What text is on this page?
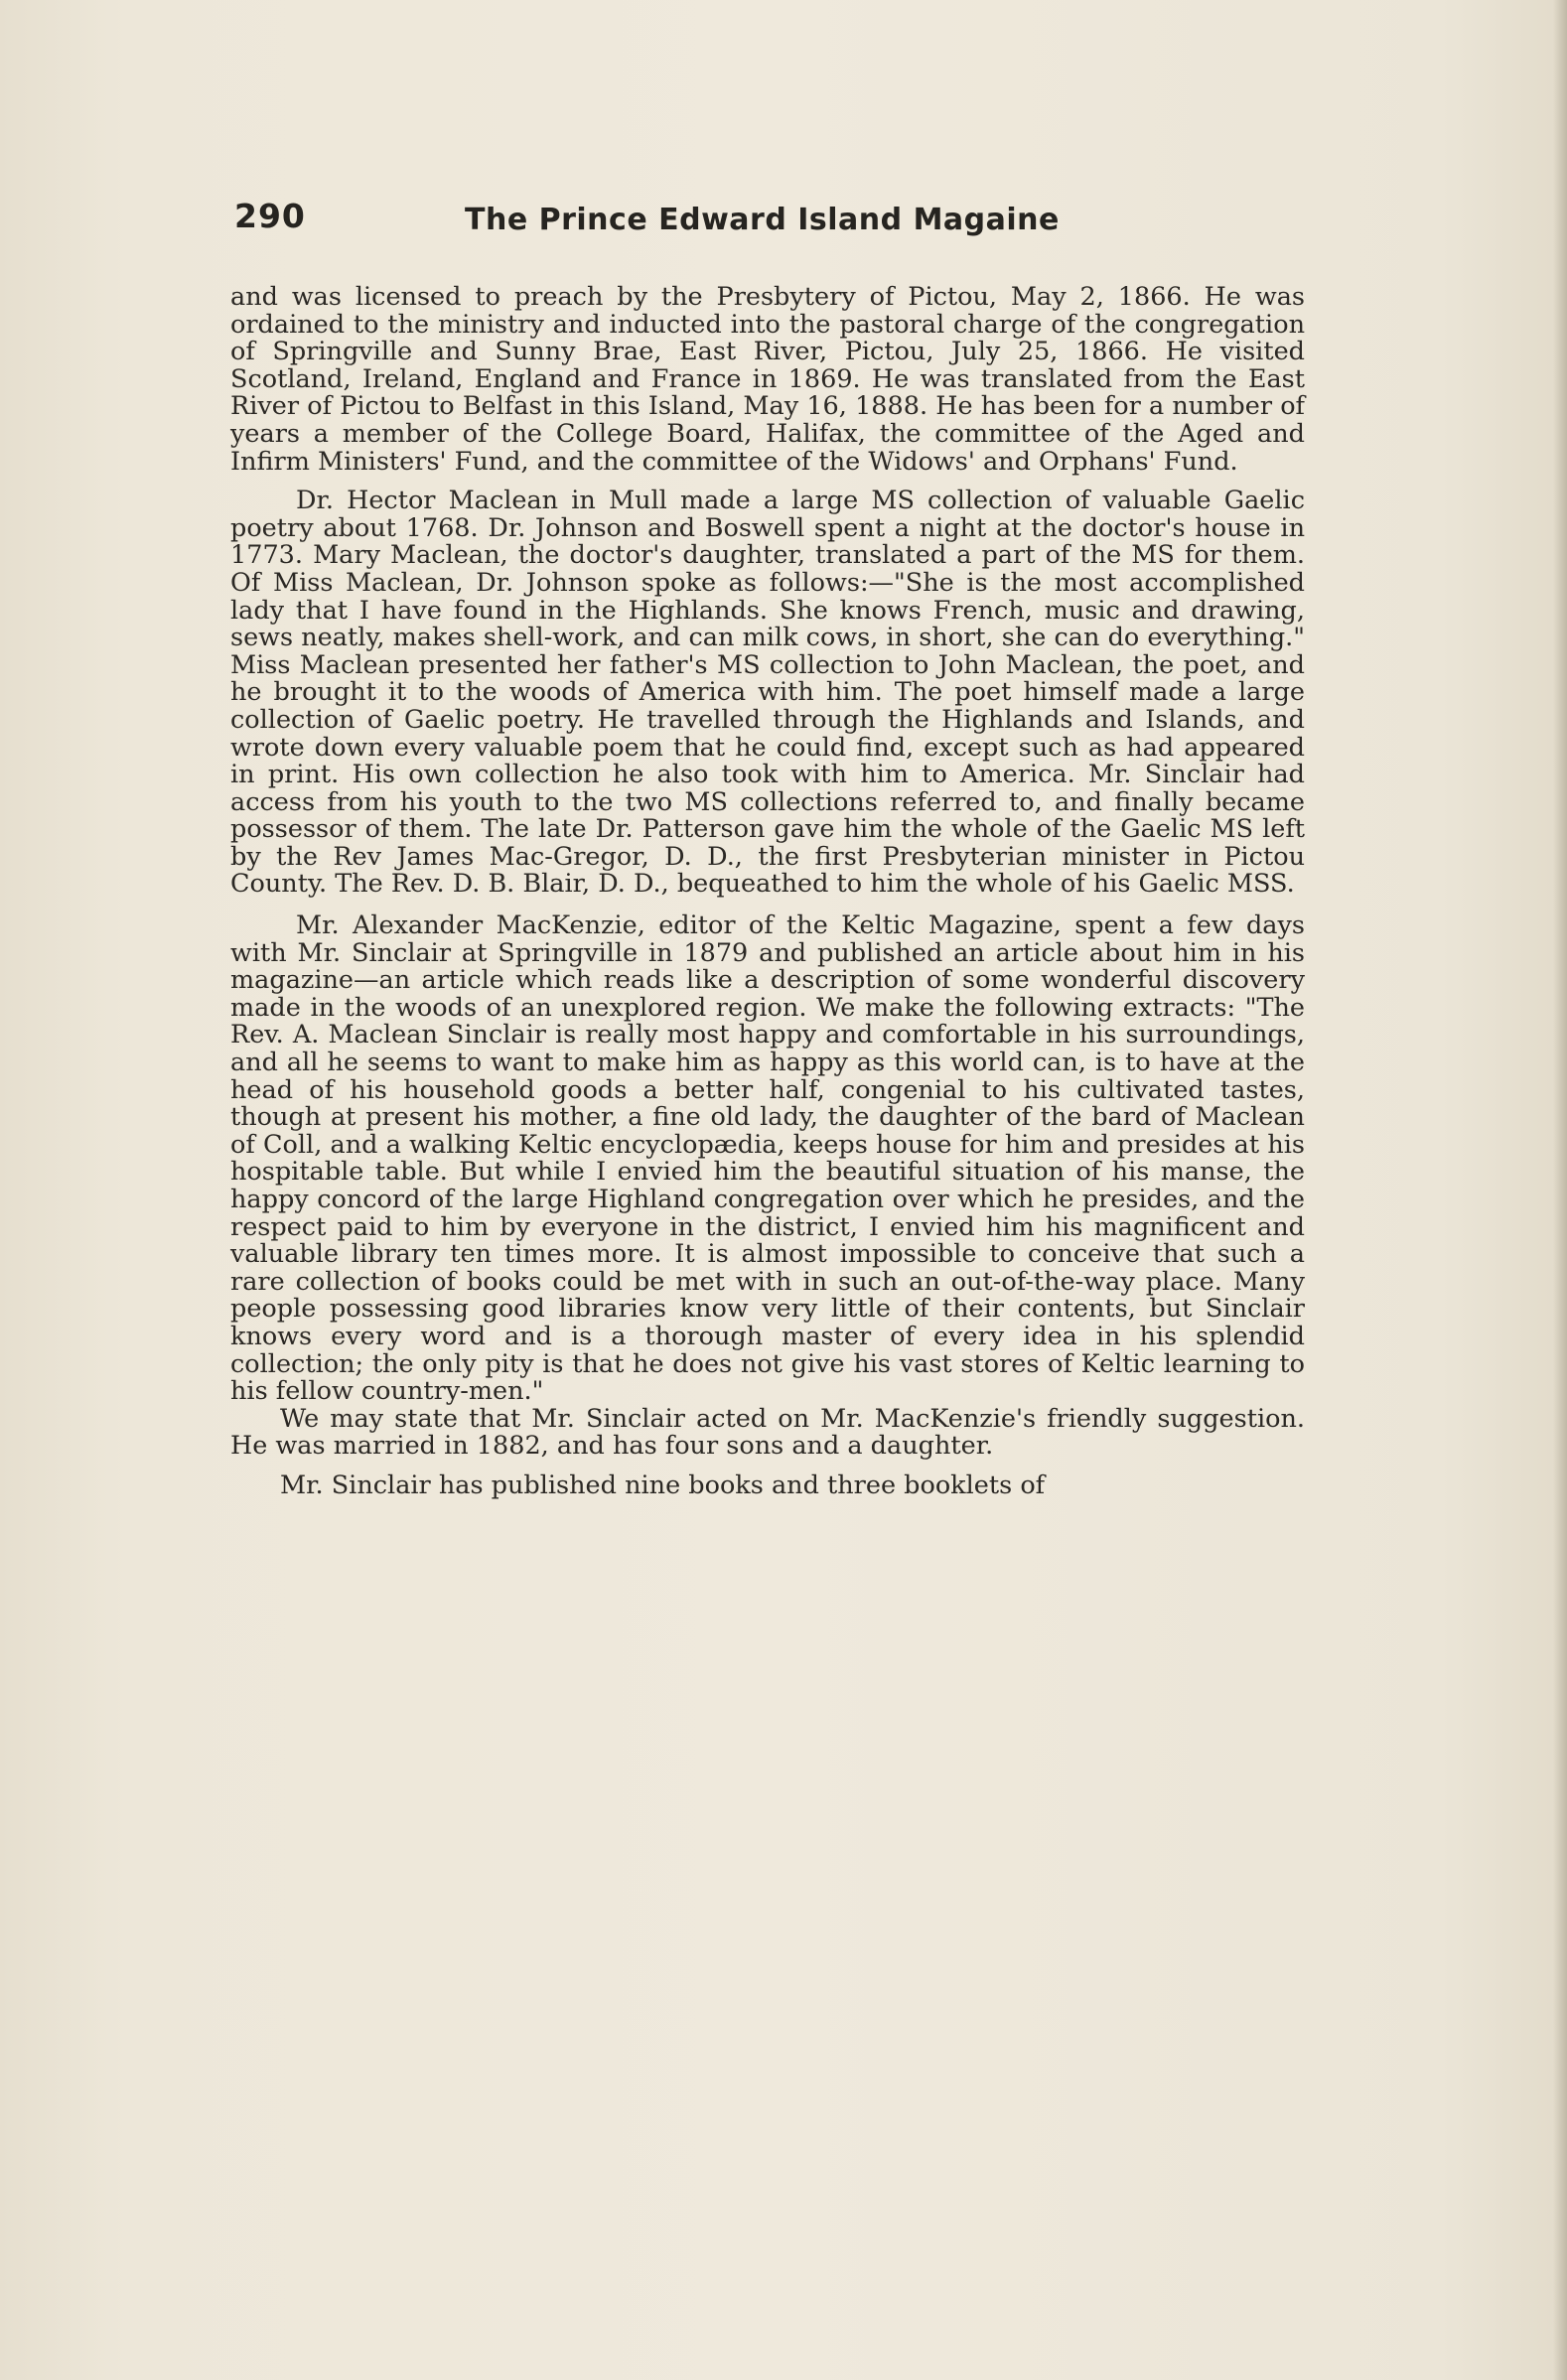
290	The Prince Edward Island Magaine

and was licensed to preach by the Presbytery of Pictou, May 2, 1866. He was ordained to the ministry and inducted into the pastoral charge of the congregation of Springville and Sunny Brae, East River, Pictou, July 25, 1866. He visited Scotland, Ireland, England and France in 1869. He was translated from the East River of Pictou to Belfast in this Island, May 16, 1888. He has been for a number of years a member of the College Board, Halifax, the committee of the Aged and Infirm Ministers' Fund, and the committee of the Widows' and Orphans' Fund.

Dr. Hector Maclean in Mull made a large MS collection of valuable Gaelic poetry about 1768. Dr. Johnson and Boswell spent a night at the doctor's house in 1773. Mary Maclean, the doctor's daughter, translated a part of the MS for them. Of Miss Maclean, Dr. Johnson spoke as follows:—"She is the most accomplished lady that I have found in the Highlands. She knows French, music and drawing, sews neatly, makes shell-work, and can milk cows, in short, she can do everything." Miss Maclean presented her father's MS collection to John Maclean, the poet, and he brought it to the woods of America with him. The poet himself made a large collection of Gaelic poetry. He travelled through the Highlands and Islands, and wrote down every valuable poem that he could find, except such as had appeared in print. His own collection he also took with him to America. Mr. Sinclair had access from his youth to the two MS collections referred to, and finally became possessor of them. The late Dr. Patterson gave him the whole of the Gaelic MS left by the Rev James Mac-Gregor, D. D., the first Presbyterian minister in Pictou County. The Rev. D. B. Blair, D. D., bequeathed to him the whole of his Gaelic MSS.

Mr. Alexander MacKenzie, editor of the Keltic Magazine, spent a few days with Mr. Sinclair at Springville in 1879 and published an article about him in his magazine—an article which reads like a description of some wonderful discovery made in the woods of an unexplored region. We make the following extracts: "The Rev. A. Maclean Sinclair is really most happy and comfortable in his surroundings, and all he seems to want to make him as happy as this world can, is to have at the head of his household goods a better half, congenial to his cultivated tastes, though at present his mother, a fine old lady, the daughter of the bard of Maclean of Coll, and a walking Keltic encyclopædia, keeps house for him and presides at his hospitable table. But while I envied him the beautiful situation of his manse, the happy concord of the large Highland congregation over which he presides, and the respect paid to him by everyone in the district, I envied him his magnificent and valuable library ten times more. It is almost impossible to conceive that such a rare collection of books could be met with in such an out-of-the-way place. Many people possessing good libraries know very little of their contents, but Sinclair knows every word and is a thorough master of every idea in his splendid collection; the only pity is that he does not give his vast stores of Keltic learning to his fellow country-men."

We may state that Mr. Sinclair acted on Mr. MacKenzie's friendly suggestion. He was married in 1882, and has four sons and a daughter.

Mr. Sinclair has published nine books and three booklets of
